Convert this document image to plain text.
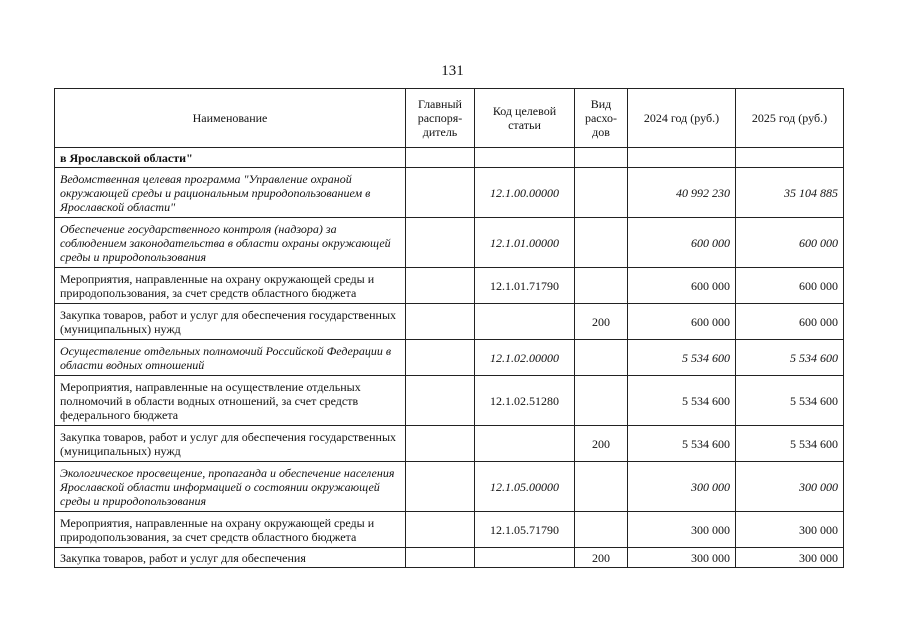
131
Наименование	Главный распоря-дитель	Код целевой статьи	Вид расхо-дов	2024 год (руб.)	2025 год (руб.)
в Ярославской области"					
Ведомственная целевая программа "Управление охраной окружающей среды и рациональным природопользованием в Ярославской области"		12.1.00.00000		40 992 230	35 104 885
Обеспечение государственного контроля (надзора) за соблюдением законодательства в области охраны окружающей среды и природопользования		12.1.01.00000		600 000	600 000
Мероприятия, направленные на охрану окружающей среды и природопользования, за счет средств областного бюджета		12.1.01.71790		600 000	600 000
Закупка товаров, работ и услуг для обеспечения государственных (муниципальных) нужд			200	600 000	600 000
Осуществление отдельных полномочий Российской Федерации в области водных отношений		12.1.02.00000		5 534 600	5 534 600
Мероприятия, направленные на осуществление отдельных полномочий в области водных отношений, за счет средств федерального бюджета		12.1.02.51280		5 534 600	5 534 600
Закупка товаров, работ и услуг для обеспечения государственных (муниципальных) нужд			200	5 534 600	5 534 600
Экологическое просвещение, пропаганда и обеспечение населения Ярославской области информацией о состоянии окружающей среды и природопользования		12.1.05.00000		300 000	300 000
Мероприятия, направленные на охрану окружающей среды и природопользования, за счет средств областного бюджета		12.1.05.71790		300 000	300 000
Закупка товаров, работ и услуг для обеспечения			200	300 000	300 000
